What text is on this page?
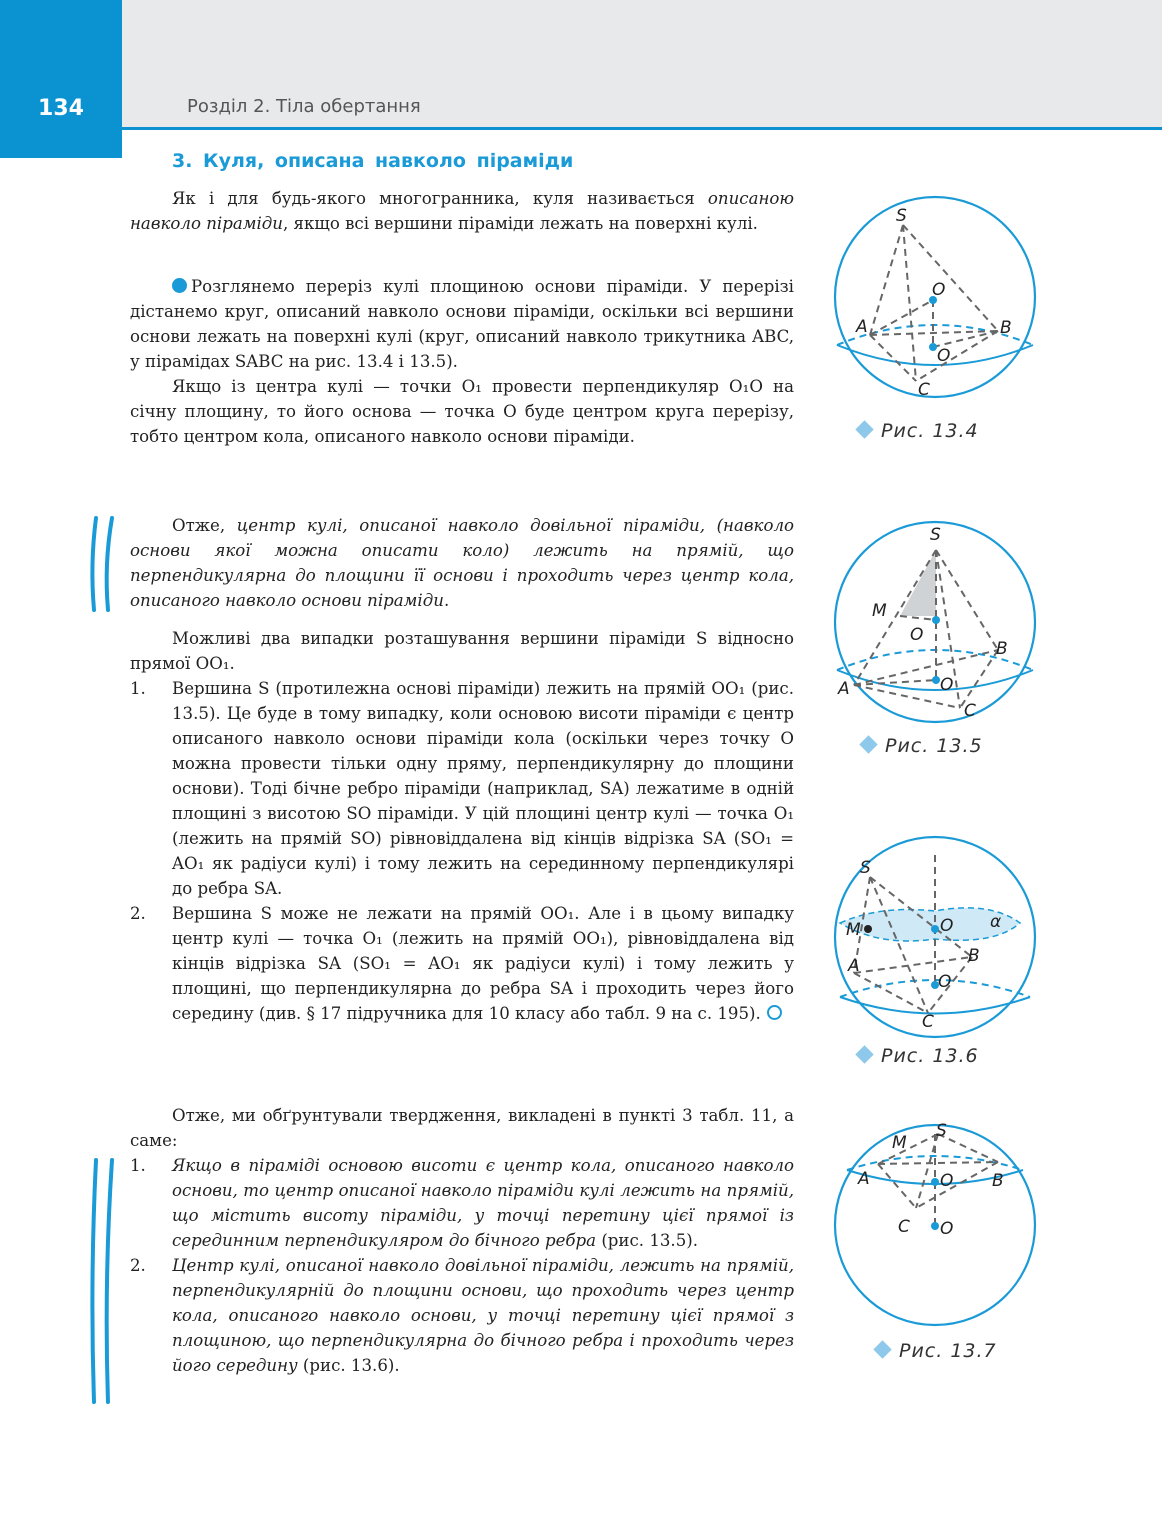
134	Розділ 2. Тіла обертання
3. Куля, описана навколо піраміди

Як і для будь-якого многогранника, куля називається описаною навколо піраміди, якщо всі вершини піраміди лежать на поверхні кулі.

Розглянемо переріз кулі площиною основи піраміди. У перерізі дістанемо круг, описаний навколо основи піраміди, оскільки всі вершини основи лежать на поверхні кулі (круг, описаний навколо трикутника ABC, у пірамідах SABC на рис. 13.4 і 13.5).

Якщо із центра кулі — точки O₁ провести перпендикуляр O₁O на січну площину, то його основа — точка O буде центром круга перерізу, тобто центром кола, описаного навколо основи піраміди.

Отже, центр кулі, описаної навколо довільної піраміди, (навколо основи якої можна описати коло) лежить на прямій, що перпендикулярна до площини її основи і проходить через центр кола, описаного навколо основи піраміди.

Можливі два випадки розташування вершини піраміди S відносно прямої OO₁.

1. Вершина S (протилежна основі піраміди) лежить на прямій OO₁ (рис. 13.5). Це буде в тому випадку, коли основою висоти піраміди є центр описаного навколо основи піраміди кола (оскільки через точку O можна провести тільки одну пряму, перпендикулярну до площини основи). Тоді бічне ребро піраміди (наприклад, SA) лежатиме в одній площині з висотою SO піраміди. У цій площині центр кулі — точка O₁ (лежить на прямій SO) рівновіддалена від кінців відрізка SA (SO₁ = AO₁ як радіуси кулі) і тому лежить на серединному перпендикулярі до ребра SA.

2. Вершина S може не лежати на прямій OO₁. Але і в цьому випадку центр кулі — точка O₁ (лежить на прямій OO₁), рівновіддалена від кінців відрізка SA (SO₁ = AO₁ як радіуси кулі) і тому лежить у площині, що перпендикулярна до ребра SA і проходить через його середину (див. § 17 підручника для 10 класу або табл. 9 на с. 195).

Отже, ми обґрунтували твердження, викладені в пункті 3 табл. 11, а саме:

1. Якщо в піраміді основою висоти є центр кола, описаного навколо основи, то центр описаної навколо піраміди кулі лежить на прямій, що містить висоту піраміди, у точці перетину цієї прямої із серединним перпендикуляром до бічного ребра (рис. 13.5).

2. Центр кулі, описаної навколо довільної піраміди, лежить на прямій, перпендикулярній до площини основи, що проходить через центр кола, описаного навколо основи, у точці перетину цієї прямої з площиною, що перпендикулярна до бічного ребра і проходить через його середину (рис. 13.6).

S
O
A	B
O
C
Рис. 13.4
S
M
O
B
A	O
C
Рис. 13.5
S
M	O α
A	B
O
C
Рис. 13.6
M
S
A	O B
C O
Рис. 13.7
